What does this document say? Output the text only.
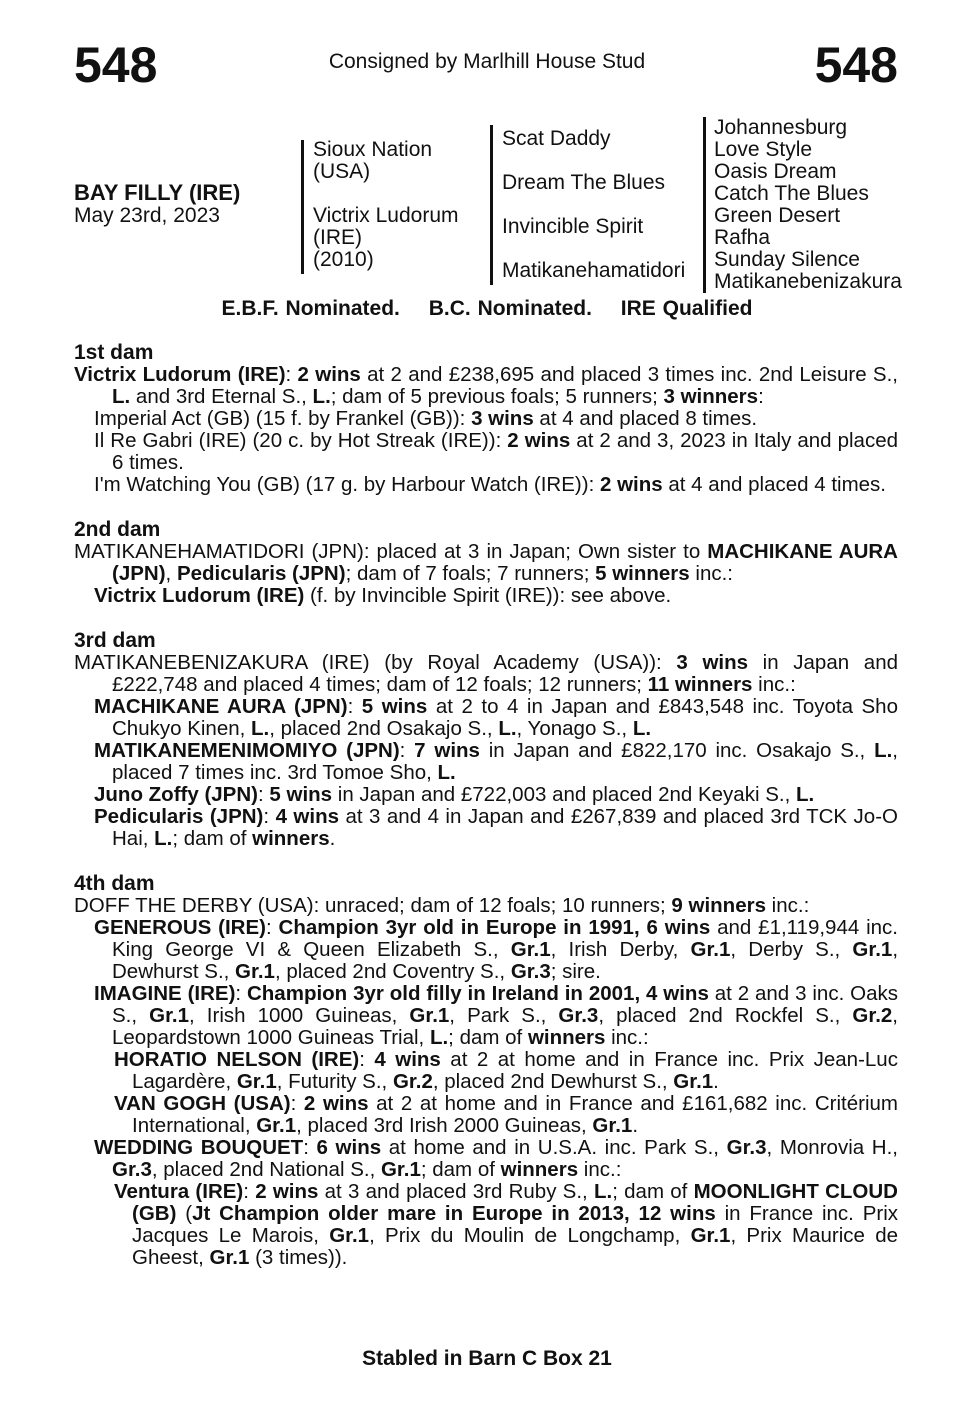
548	Consigned by Marlhill House Stud	548
BAY FILLY (IRE)
May 23rd, 2023
Sioux Nation
(USA)
Victrix Ludorum
(IRE)
(2010)
Scat Daddy
Dream The Blues
Invincible Spirit
Matikanehamatidori
Johannesburg
Love Style
Oasis Dream
Catch The Blues
Green Desert
Rafha
Sunday Silence
Matikanebenizakura
E.B.F. Nominated. B.C. Nominated. IRE Qualified
1st dam
Victrix Ludorum (IRE): 2 wins at 2 and £238,695 and placed 3 times inc. 2nd Leisure S., L. and 3rd Eternal S., L.; dam of 5 previous foals; 5 runners; 3 winners:
Imperial Act (GB) (15 f. by Frankel (GB)): 3 wins at 4 and placed 8 times.
Il Re Gabri (IRE) (20 c. by Hot Streak (IRE)): 2 wins at 2 and 3, 2023 in Italy and placed 6 times.
I'm Watching You (GB) (17 g. by Harbour Watch (IRE)): 2 wins at 4 and placed 4 times.
2nd dam
MATIKANEHAMATIDORI (JPN): placed at 3 in Japan; Own sister to MACHIKANE AURA (JPN), Pedicularis (JPN); dam of 7 foals; 7 runners; 5 winners inc.:
Victrix Ludorum (IRE) (f. by Invincible Spirit (IRE)): see above.
3rd dam
MATIKANEBENIZAKURA (IRE) (by Royal Academy (USA)): 3 wins in Japan and £222,748 and placed 4 times; dam of 12 foals; 12 runners; 11 winners inc.:
MACHIKANE AURA (JPN): 5 wins at 2 to 4 in Japan and £843,548 inc. Toyota Sho Chukyo Kinen, L., placed 2nd Osakajo S., L., Yonago S., L.
MATIKANEMENIMOMIYO (JPN): 7 wins in Japan and £822,170 inc. Osakajo S., L., placed 7 times inc. 3rd Tomoe Sho, L.
Juno Zoffy (JPN): 5 wins in Japan and £722,003 and placed 2nd Keyaki S., L.
Pedicularis (JPN): 4 wins at 3 and 4 in Japan and £267,839 and placed 3rd TCK Jo-O Hai, L.; dam of winners.
4th dam
DOFF THE DERBY (USA): unraced; dam of 12 foals; 10 runners; 9 winners inc.:
GENEROUS (IRE): Champion 3yr old in Europe in 1991, 6 wins and £1,119,944 inc. King George VI & Queen Elizabeth S., Gr.1, Irish Derby, Gr.1, Derby S., Gr.1, Dewhurst S., Gr.1, placed 2nd Coventry S., Gr.3; sire.
IMAGINE (IRE): Champion 3yr old filly in Ireland in 2001, 4 wins at 2 and 3 inc. Oaks S., Gr.1, Irish 1000 Guineas, Gr.1, Park S., Gr.3, placed 2nd Rockfel S., Gr.2, Leopardstown 1000 Guineas Trial, L.; dam of winners inc.:
HORATIO NELSON (IRE): 4 wins at 2 at home and in France inc. Prix Jean-Luc Lagardère, Gr.1, Futurity S., Gr.2, placed 2nd Dewhurst S., Gr.1.
VAN GOGH (USA): 2 wins at 2 at home and in France and £161,682 inc. Critérium International, Gr.1, placed 3rd Irish 2000 Guineas, Gr.1.
WEDDING BOUQUET: 6 wins at home and in U.S.A. inc. Park S., Gr.3, Monrovia H., Gr.3, placed 2nd National S., Gr.1; dam of winners inc.:
Ventura (IRE): 2 wins at 3 and placed 3rd Ruby S., L.; dam of MOONLIGHT CLOUD (GB) (Jt Champion older mare in Europe in 2013, 12 wins in France inc. Prix Jacques Le Marois, Gr.1, Prix du Moulin de Longchamp, Gr.1, Prix Maurice de Gheest, Gr.1 (3 times)).
Stabled in Barn C Box 21
